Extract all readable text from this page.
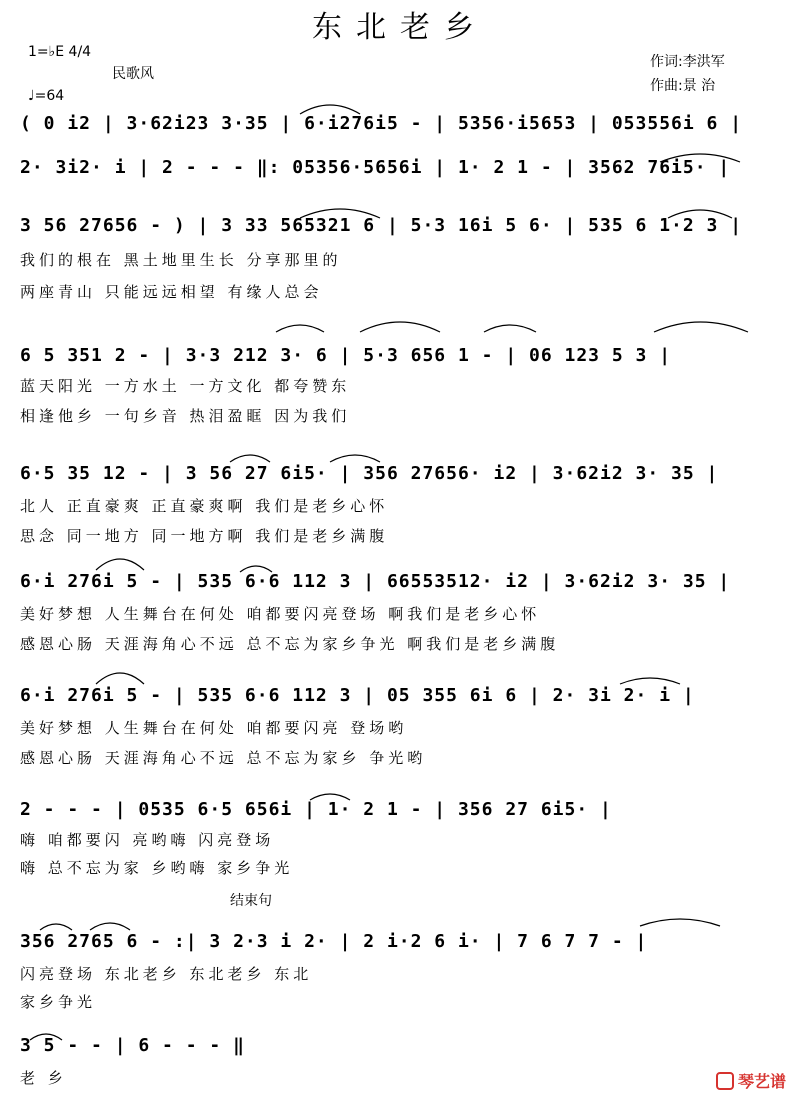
东北老乡
1=♭E 4/4
♩=64
民歌风
作词:李洪军
作曲:景 治
( 0 i2 | 3·62i23 3·35 | 6·i276i5 - | 5356·i5653 | 053556i 6 |
2· 3i2· i | 2 - - - ‖: 05356·5656i | 1· 2 1 - | 3562 76i5· |
3 56 27656 - ) | 3 33 565321 6 | 5·3 16i 5 6· | 535 6 1·2 3 |
我们的根在 黑土地里生长 分享那里的
两座青山 只能远远相望 有缘人总会
6 5 351 2 - | 3·3 212 3· 6 | 5·3 656 1 - | 06 123 5 3 |
蓝天阳光 一方水土 一方文化 都夸赞东
相逢他乡 一句乡音 热泪盈眶 因为我们
6·5 35 12 - | 3 56 27 6i5· | 356 27656· i2 | 3·62i2 3· 35 |
北人 正直豪爽 正直豪爽啊 我们是老乡心怀
思念 同一地方 同一地方啊 我们是老乡满腹
6·i 276i 5 - | 535 6·6 112 3 | 66553512· i2 | 3·62i2 3· 35 |
美好梦想 人生舞台在何处 咱都要闪亮登场 啊我们是老乡心怀
感恩心肠 天涯海角心不远 总不忘为家乡争光 啊我们是老乡满腹
6·i 276i 5 - | 535 6·6 112 3 | 05 355 6i 6 | 2· 3i 2· i |
美好梦想 人生舞台在何处 咱都要闪亮 登场哟
感恩心肠 天涯海角心不远 总不忘为家乡 争光哟
2 - - - | 0535 6·5 656i | 1· 2 1 - | 356 27 6i5· |
嗨 咱都要闪 亮哟嗨 闪亮登场
嗨 总不忘为家 乡哟嗨 家乡争光
结束句
356 2765 6 - :| 3 2·3 i 2· | 2 i·2 6 i· | 7 6 7 7 - |
闪亮登场 东北老乡 东北老乡 东北
家乡争光
3 5 - - | 6 - - - ‖
老 乡	琴艺谱
